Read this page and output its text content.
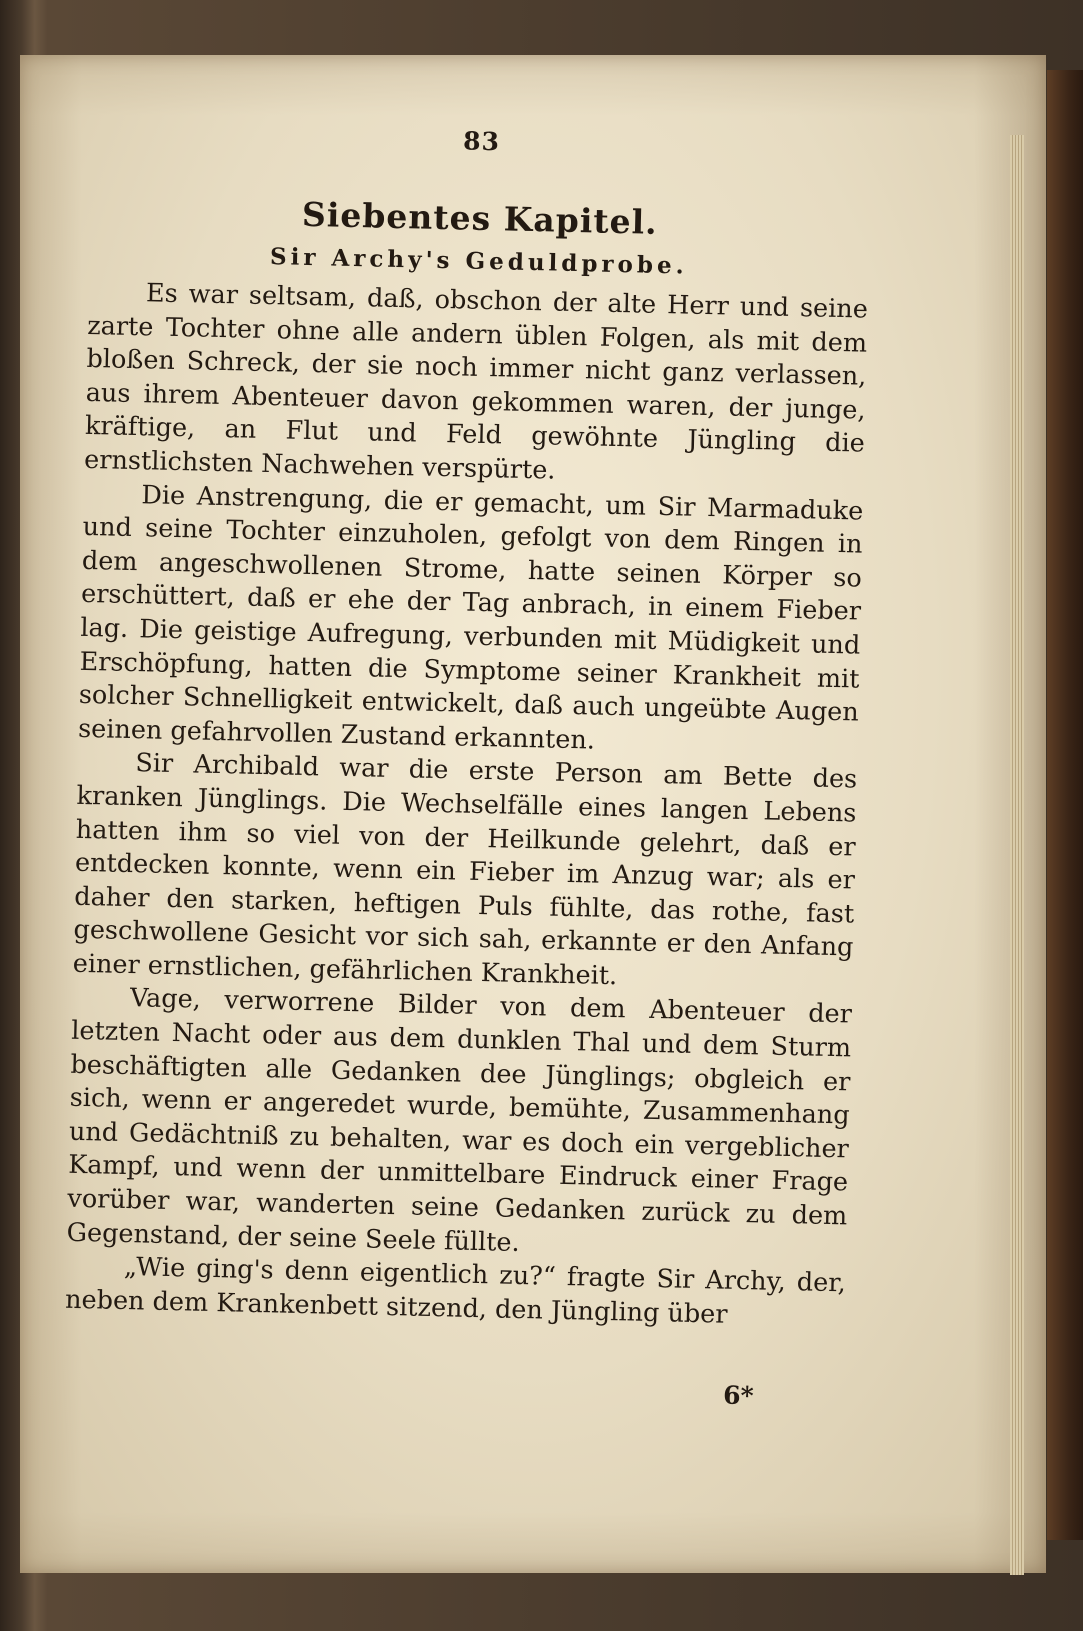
83
Siebentes Kapitel.
Sir Archy's Geduldprobe.

Es war seltsam, daß, obschon der alte Herr und seine zarte Tochter ohne alle andern üblen Folgen, als mit dem bloßen Schreck, der sie noch immer nicht ganz verlassen, aus ihrem Abenteuer davon gekommen waren, der junge, kräftige, an Flut und Feld gewöhnte Jüngling die ernstlichsten Nachwehen verspürte.

Die Anstrengung, die er gemacht, um Sir Marmaduke und seine Tochter einzuholen, gefolgt von dem Ringen in dem angeschwollenen Strome, hatte seinen Körper so erschüttert, daß er ehe der Tag anbrach, in einem Fieber lag. Die geistige Aufregung, verbunden mit Müdigkeit und Erschöpfung, hatten die Symptome seiner Krankheit mit solcher Schnelligkeit entwickelt, daß auch ungeübte Augen seinen gefahrvollen Zustand erkannten.

Sir Archibald war die erste Person am Bette des kranken Jünglings. Die Wechselfälle eines langen Lebens hatten ihm so viel von der Heilkunde gelehrt, daß er entdecken konnte, wenn ein Fieber im Anzug war; als er daher den starken, heftigen Puls fühlte, das rothe, fast geschwollene Gesicht vor sich sah, erkannte er den Anfang einer ernstlichen, gefährlichen Krankheit.

Vage, verworrene Bilder von dem Abenteuer der letzten Nacht oder aus dem dunklen Thal und dem Sturm beschäftigten alle Gedanken dee Jünglings; obgleich er sich, wenn er angeredet wurde, bemühte, Zusammenhang und Gedächtniß zu behalten, war es doch ein vergeblicher Kampf, und wenn der unmittelbare Eindruck einer Frage vorüber war, wanderten seine Gedanken zurück zu dem Gegenstand, der seine Seele füllte.

„Wie ging's denn eigentlich zu?“ fragte Sir Archy, der, neben dem Krankenbett sitzend, den Jüngling über

6*
